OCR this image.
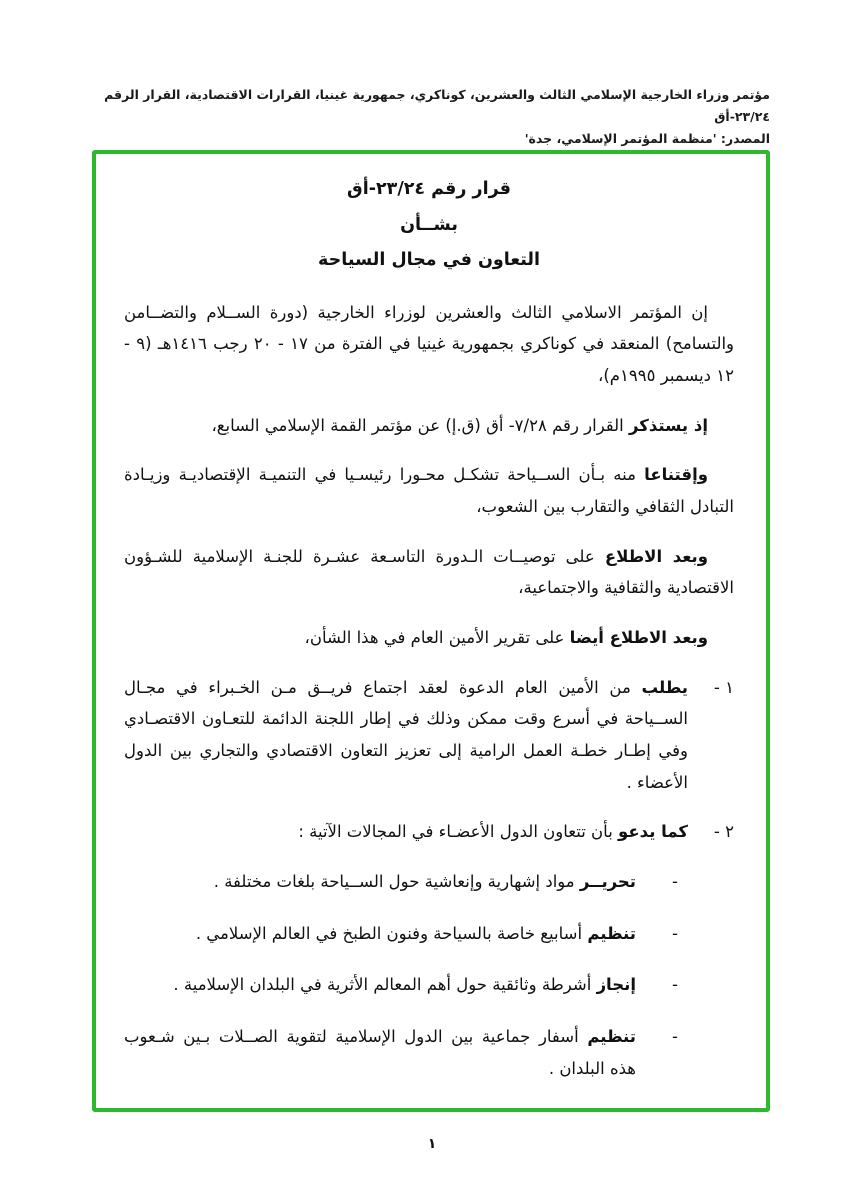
مؤتمر وزراء الخارجية الإسلامي الثالث والعشرين، كوناكري، جمهورية غينيا، القرارات الاقتصادية، القرار الرقم ٢٣/٢٤-أق
المصدر: 'منظمة المؤتمر الإسلامي، جدة'
قرار رقم ٢٣/٢٤-أق
بشــأن
التعاون في مجال السياحة

إن المؤتمر الاسلامي الثالث والعشرين لوزراء الخارجية (دورة الســلام والتضــامن والتسامح) المنعقد في كوناكري بجمهورية غينيا في الفترة من ١٧ - ٢٠ رجب ١٤١٦هـ (٩ - ١٢ ديسمبر ١٩٩٥م)،

إذ يستذكر القرار رقم ٧/٢٨- أق (ق.إ) عن مؤتمر القمة الإسلامي السابع،

وإقتناعا منه بـأن الســياحة تشكـل محـورا رئيسـيا في التنميـة الإقتصاديـة وزيـادة التبادل الثقافي والتقارب بين الشعوب،

وبعد الاطلاع على توصيــات الـدورة التاسـعة عشـرة للجنـة الإسلامية للشـؤون الاقتصادية والثقافية والاجتماعية،

وبعد الاطلاع أيضا على تقرير الأمين العام في هذا الشأن،

١ -

يطلب من الأمين العام الدعوة لعقد اجتماع فريــق مـن الخـبراء في مجـال الســياحة في أسرع وقت ممكن وذلك في إطار اللجنة الدائمة للتعـاون الاقتصـادي وفي إطـار خطـة العمل الرامية إلى تعزيز التعاون الاقتصادي والتجاري بين الدول الأعضاء .

٢ -

كما يدعو بأن تتعاون الدول الأعضـاء في المجالات الآتية :

-

تحريــر مواد إشهارية وإنعاشية حول الســياحة بلغات مختلفة .

-

تنظيم أسابيع خاصة بالسياحة وفنون الطبخ في العالم الإسلامي .

-

إنجاز أشرطة وثائقية حول أهم المعالم الأثرية في البلدان الإسلامية .

-

تنظيم أسفار جماعية بين الدول الإسلامية لتقوية الصــلات بـين شـعوب هذه البلدان .

١
